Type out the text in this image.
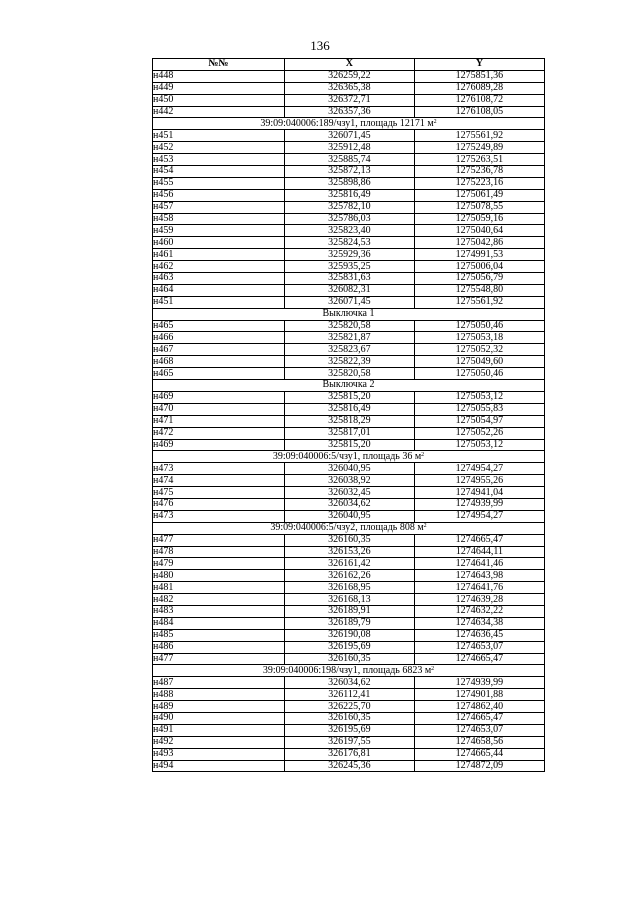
136
№№	X	Y
н448	326259,22	1275851,36
н449	326365,38	1276089,28
н450	326372,71	1276108,72
н442	326357,36	1276108,05
39:09:040006:189/чзу1, площадь 12171 $м^2$
н451	326071,45	1275561,92
н452	325912,48	1275249,89
н453	325885,74	1275263,51
н454	325872,13	1275236,78
н455	325898,86	1275223,16
н456	325816,49	1275061,49
н457	325782,10	1275078,55
н458	325786,03	1275059,16
н459	325823,40	1275040,64
н460	325824,53	1275042,86
н461	325929,36	1274991,53
н462	325935,25	1275006,04
н463	325831,63	1275056,79
н464	326082,31	1275548,80
н451	326071,45	1275561,92
Выключка 1		
н465	325820,58	1275050,46
н466	325821,87	1275053,18
н467	325823,67	1275052,32
н468	325822,39	1275049,60
н465	325820,58	1275050,46
Выключка 2		
н469	325815,20	1275053,12
н470	325816,49	1275055,83
н471	325818,29	1275054,97
н472	325817,01	1275052,26
н469	325815,20	1275053,12
39:09:040006:5/чзу1, площадь 36 $м^2$
н473	326040,95	1274954,27
н474	326038,92	1274955,26
н475	326032,45	1274941,04
н476	326034,62	1274939,99
н473	326040,95	1274954,27
39:09:040006:5/чзу2, площадь 808 $м^2$
н477	326160,35	1274665,47
н478	326153,26	1274644,11
н479	326161,42	1274641,46
н480	326162,26	1274643,98
н481	326168,95	1274641,76
н482	326168,13	1274639,28
н483	326189,91	1274632,22
н484	326189,79	1274634,38
н485	326190,08	1274636,45
н486	326195,69	1274653,07
н477	326160,35	1274665,47
39:09:040006:198/чзу1, площадь 6823 $м^2$
н487	326034,62	1274939,99
н488	326112,41	1274901,88
н489	326225,70	1274862,40
н490	326160,35	1274665,47
н491	326195,69	1274653,07
н492	326197,55	1274658,56
н493	326176,81	1274665,44
н494	326245,36	1274872,09
